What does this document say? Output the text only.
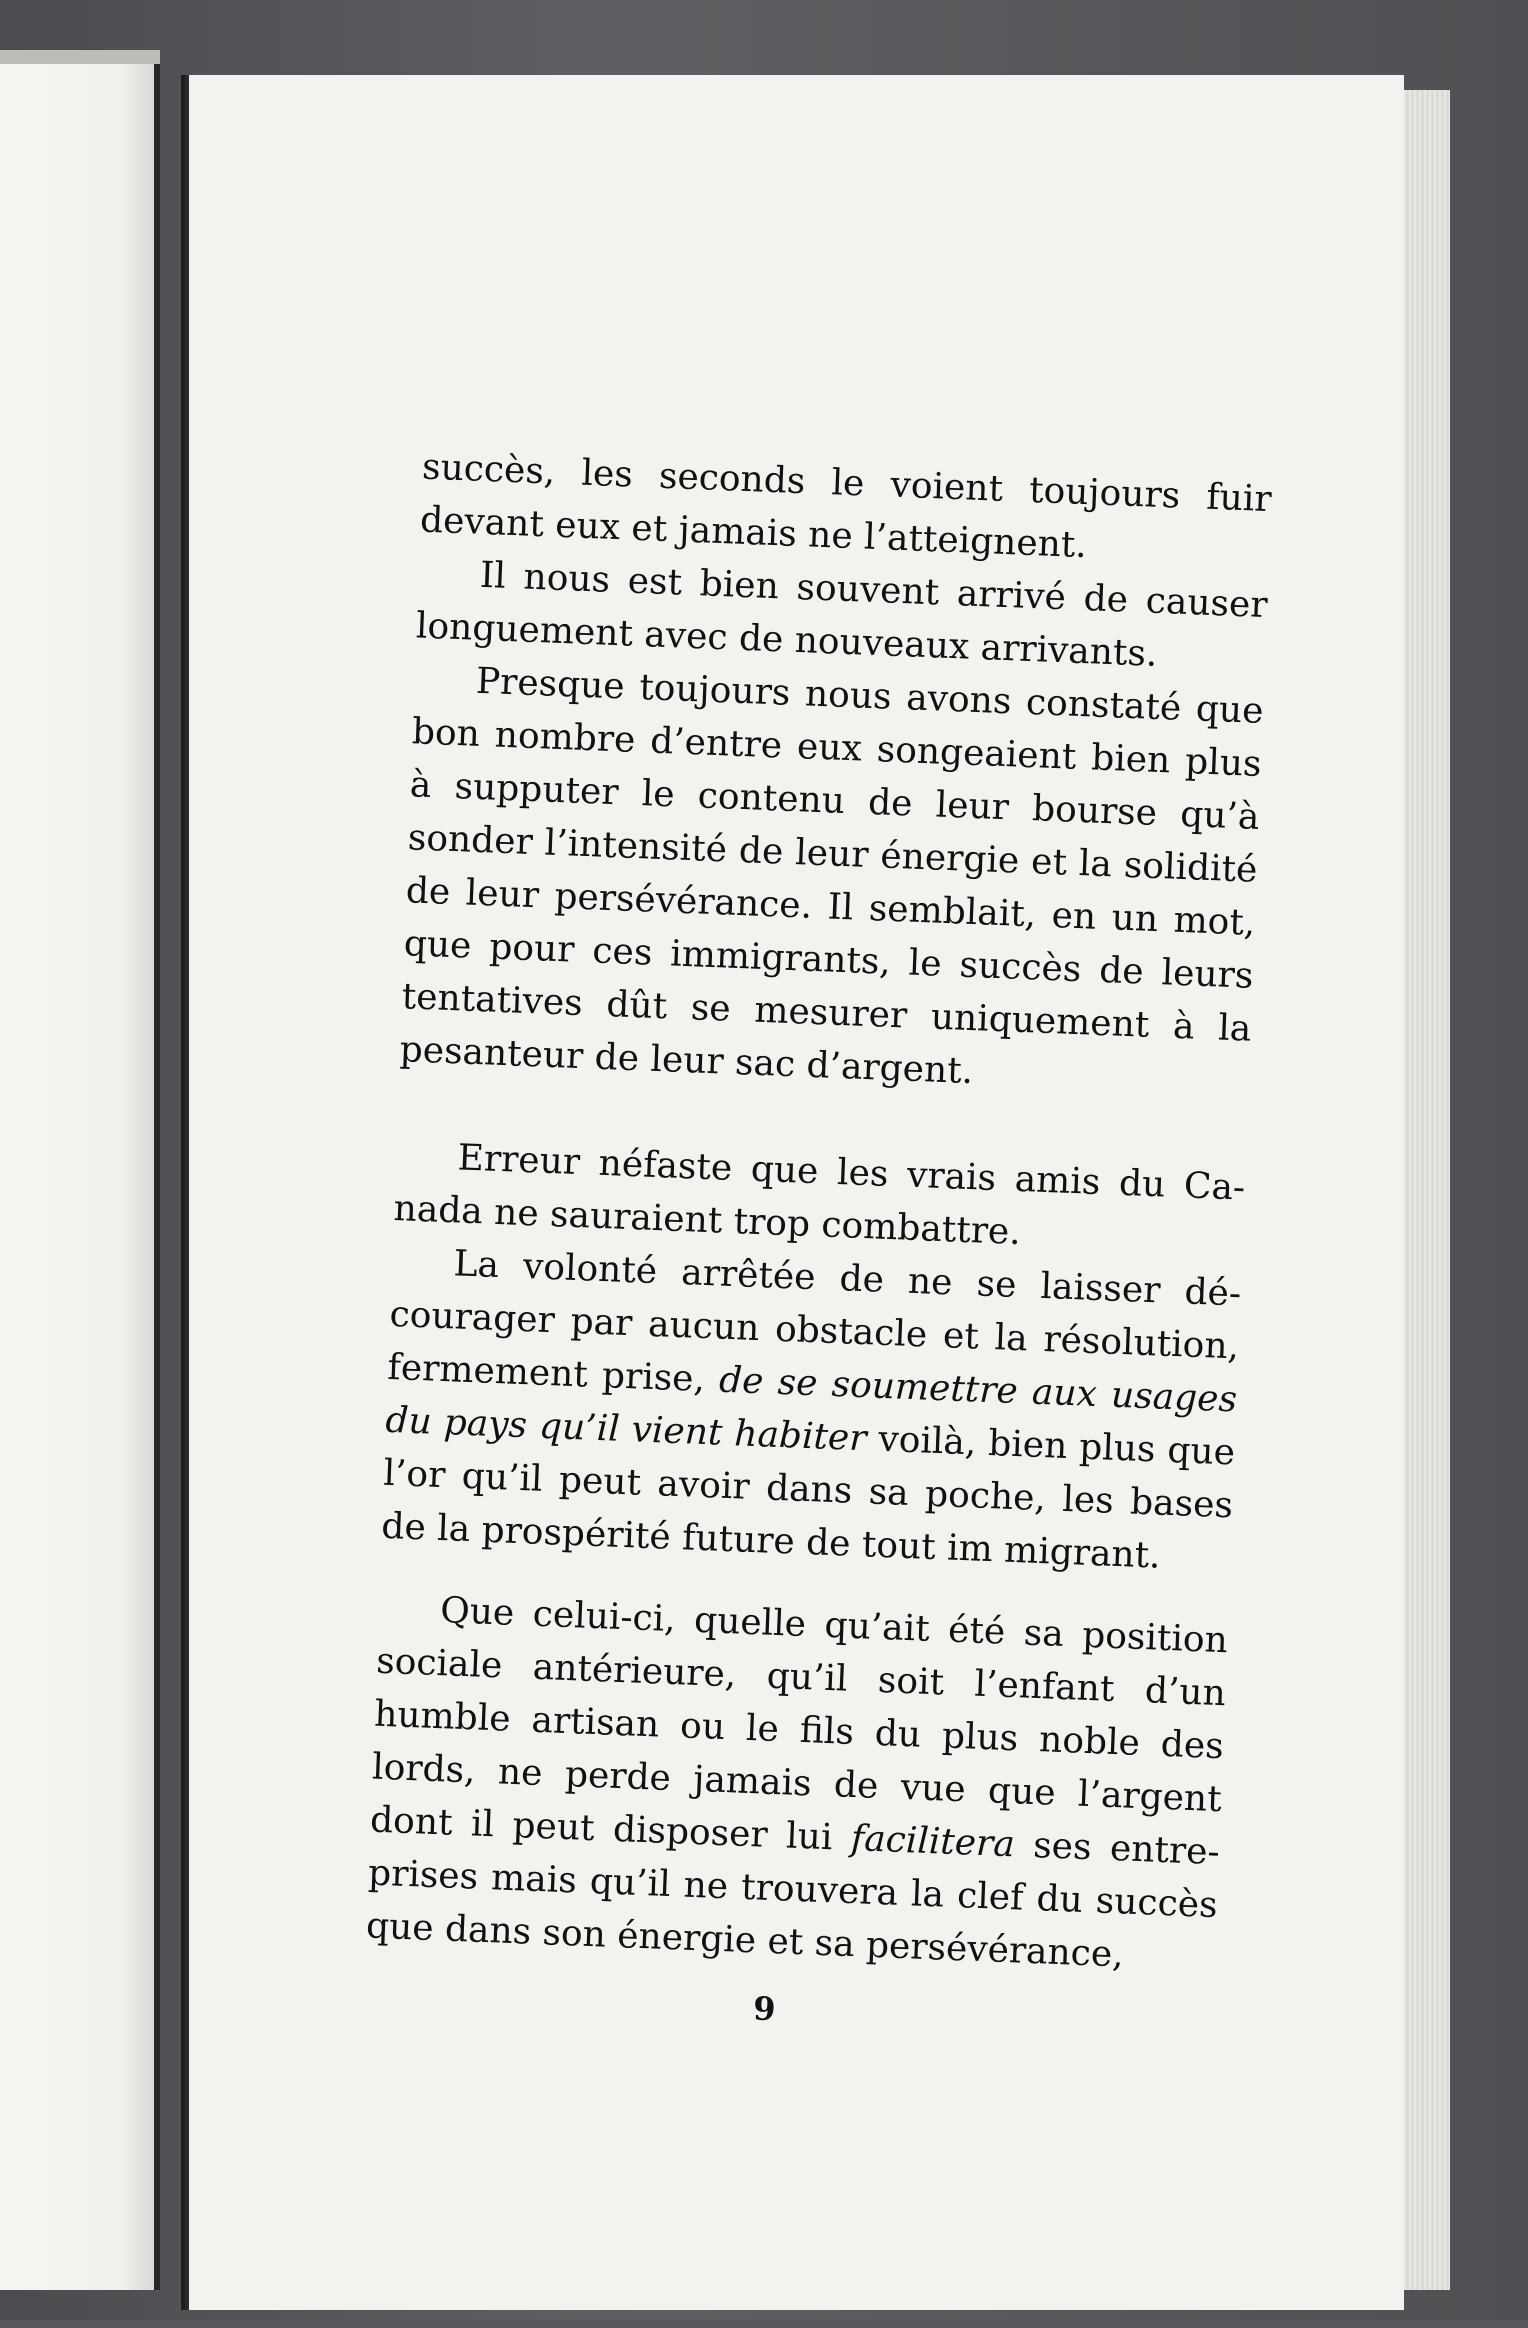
succès, les seconds le voient toujours fuir devant eux et jamais ne l’atteignent.

Il nous est bien souvent arrivé de causer longuement avec de nouveaux arrivants.

Presque toujours nous avons constaté que bon nombre d’entre eux songeaient bien plus à supputer le contenu de leur bourse qu’à sonder l’intensité de leur énergie et la solidité de leur persévérance. Il semblait, en un mot, que pour ces immigrants, le succès de leurs tentatives dût se mesurer uniquement à la pesanteur de leur sac d’argent.

Erreur néfaste que les vrais amis du Ca- nada ne sauraient trop combattre.

La volonté arrêtée de ne se laisser dé- courager par aucun obstacle et la résolution, fermement prise, de se soumettre aux usages du pays qu’il vient habiter voilà, bien plus que l’or qu’il peut avoir dans sa poche, les bases de la prospérité future de tout im migrant.

Que celui-ci, quelle qu’ait été sa position sociale antérieure, qu’il soit l’enfant d’un humble artisan ou le fils du plus noble des lords, ne perde jamais de vue que l’argent dont il peut disposer lui facilitera ses entre- prises mais qu’il ne trouvera la clef du succès que dans son énergie et sa persévérance,

9
